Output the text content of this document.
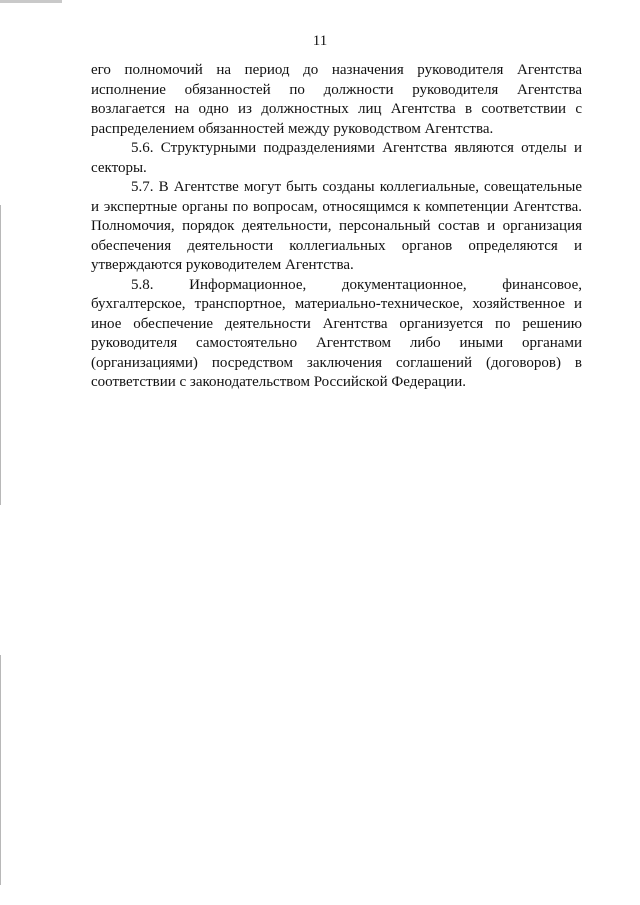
11

его полномочий на период до назначения руководителя Агентства исполнение обязанностей по должности руководителя Агентства возлагается на одно из должностных лиц Агентства в соответствии с распределением обязанностей между руководством Агентства.

5.6. Структурными подразделениями Агентства являются отделы и секторы.

5.7. В Агентстве могут быть созданы коллегиальные, совещательные и экспертные органы по вопросам, относящимся к компетенции Агентства. Полномочия, порядок деятельности, персональный состав и организация обеспечения деятельности коллегиальных органов определяются и утверждаются руководителем Агентства.

5.8. Информационное, документационное, финансовое, бухгалтерское, транспортное, материально-техническое, хозяйственное и иное обеспечение деятельности Агентства организуется по решению руководителя самостоятельно Агентством либо иными органами (организациями) посредством заключения соглашений (договоров) в соответствии с законодательством Российской Федерации.
